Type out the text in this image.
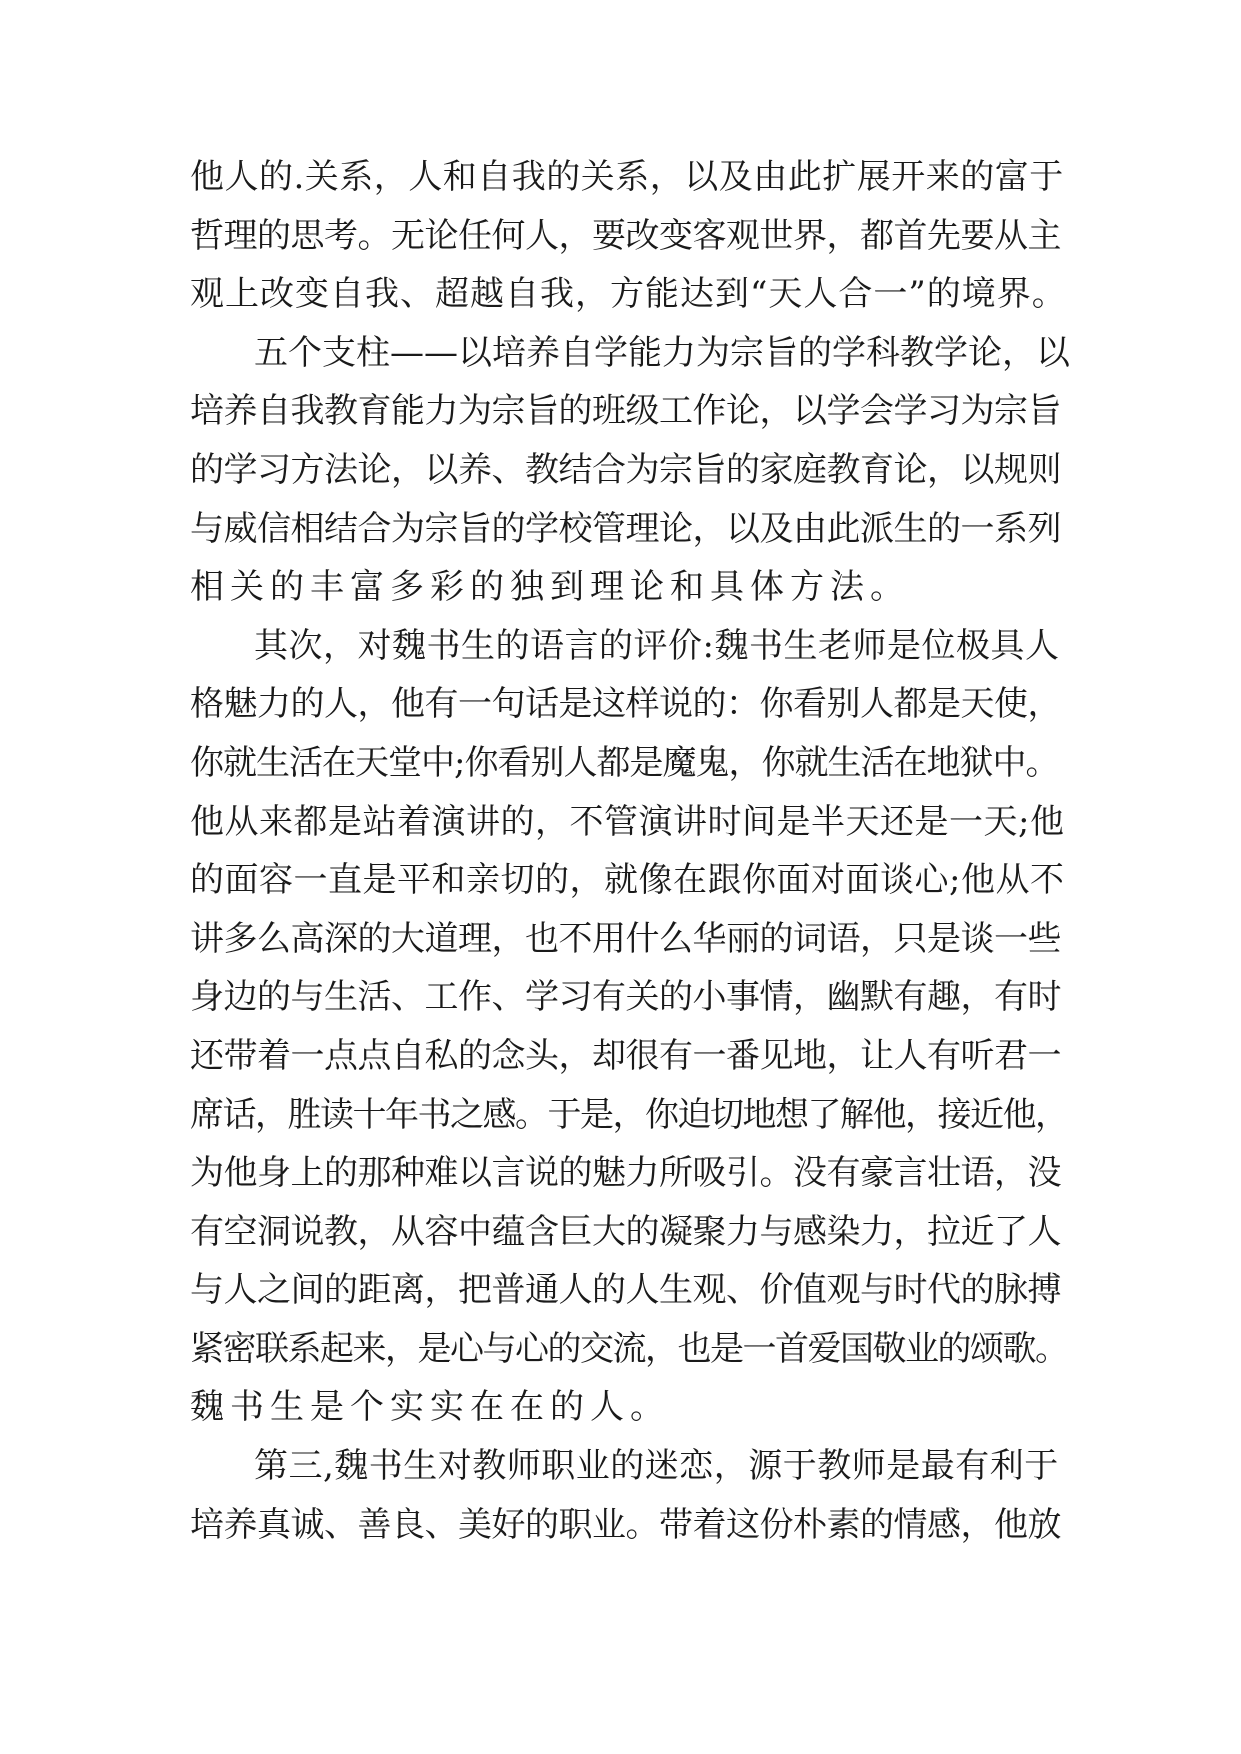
他人的.关系，人和自我的关系，以及由此扩展开来的富于
哲理的思考。无论任何人，要改变客观世界，都首先要从主
观上改变自我、超越自我，方能达到“天人合一”的境界。
五个支柱——以培养自学能力为宗旨的学科教学论，以
培养自我教育能力为宗旨的班级工作论，以学会学习为宗旨
的学习方法论，以养、教结合为宗旨的家庭教育论，以规则
与威信相结合为宗旨的学校管理论，以及由此派生的一系列
相关的丰富多彩的独到理论和具体方法。
其次，对魏书生的语言的评价:魏书生老师是位极具人
格魅力的人，他有一句话是这样说的：你看别人都是天使，
你就生活在天堂中;你看别人都是魔鬼，你就生活在地狱中。
他从来都是站着演讲的，不管演讲时间是半天还是一天;他
的面容一直是平和亲切的，就像在跟你面对面谈心;他从不
讲多么高深的大道理，也不用什么华丽的词语，只是谈一些
身边的与生活、工作、学习有关的小事情，幽默有趣，有时
还带着一点点自私的念头，却很有一番见地，让人有听君一
席话，胜读十年书之感。于是，你迫切地想了解他，接近他，
为他身上的那种难以言说的魅力所吸引。没有豪言壮语，没
有空洞说教，从容中蕴含巨大的凝聚力与感染力，拉近了人
与人之间的距离，把普通人的人生观、价值观与时代的脉搏
紧密联系起来，是心与心的交流，也是一首爱国敬业的颂歌。
魏书生是个实实在在的人。
第三,魏书生对教师职业的迷恋，源于教师是最有利于
培养真诚、善良、美好的职业。带着这份朴素的情感，他放
